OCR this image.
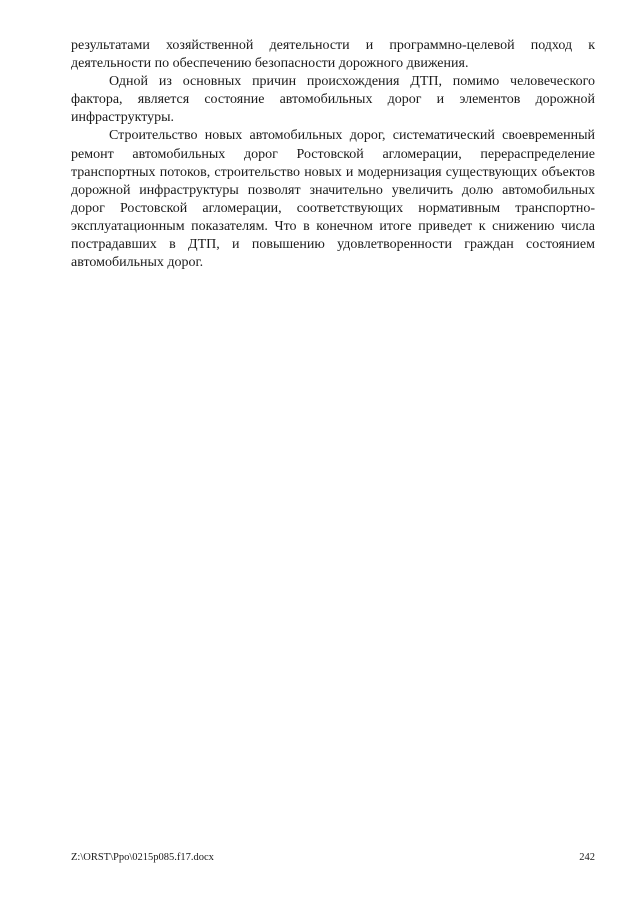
результатами хозяйственной деятельности и программно-целевой подход к деятельности по обеспечению безопасности дорожного движения.

Одной из основных причин происхождения ДТП, помимо человеческого фактора, является состояние автомобильных дорог и элементов дорожной инфраструктуры.

Строительство новых автомобильных дорог, систематический своевременный ремонт автомобильных дорог Ростовской агломерации, перераспределение транспортных потоков, строительство новых и модернизация существующих объектов дорожной инфраструктуры позволят значительно увеличить долю автомобильных дорог Ростовской агломерации, соответствующих нормативным транспортно-эксплуатационным показателям. Что в конечном итоге приведет к снижению числа пострадавших в ДТП, и повышению удовлетворенности граждан состоянием автомобильных дорог.

Z:\ORST\Ppo\0215p085.f17.docx	242
